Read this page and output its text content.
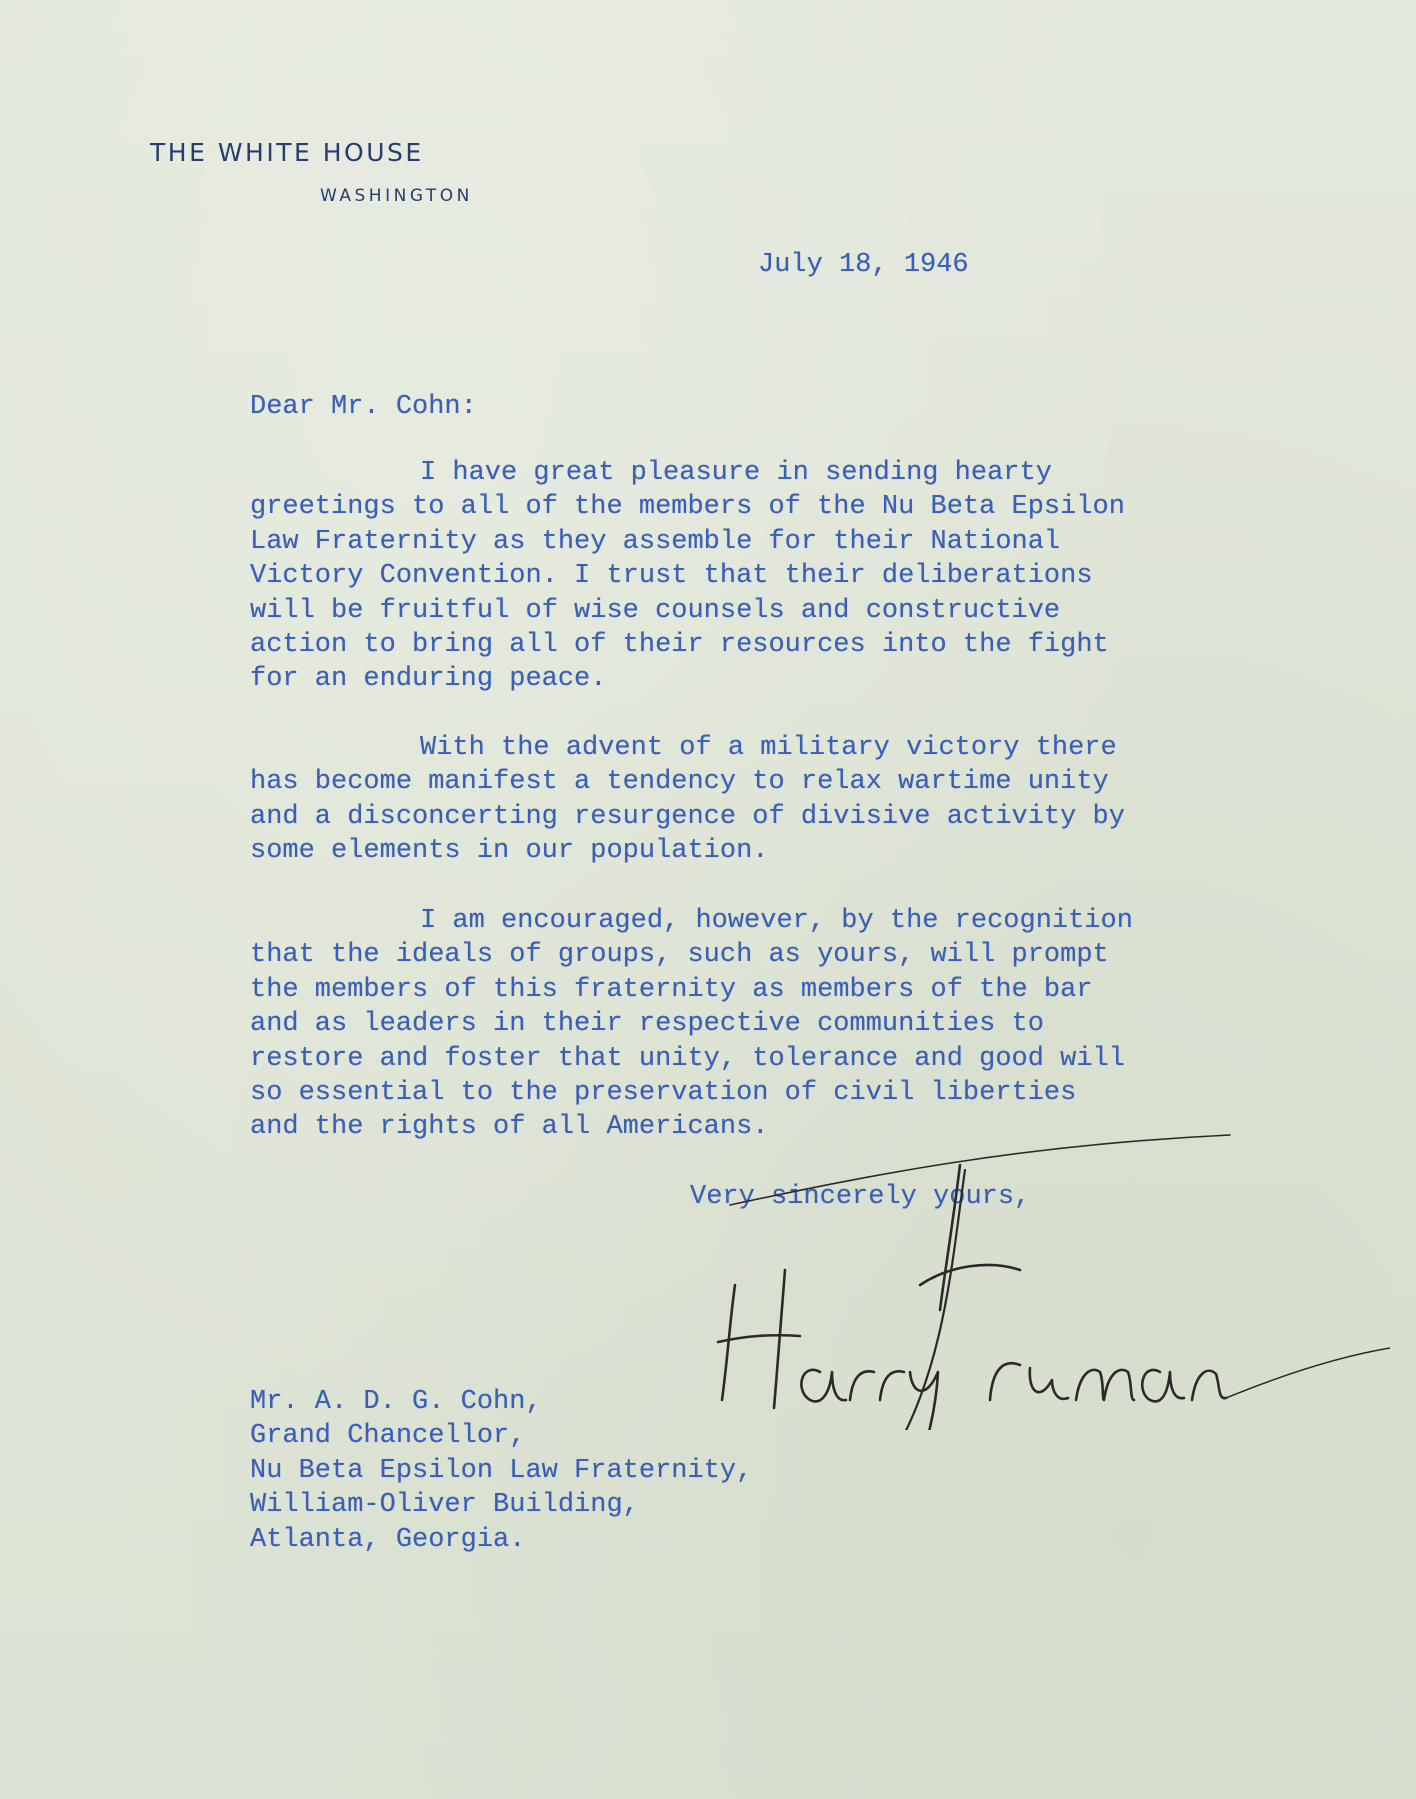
THE WHITE HOUSE
WASHINGTON
July 18, 1946
Dear Mr. Cohn:
I have great pleasure in sending hearty
greetings to all of the members of the Nu Beta Epsilon
Law Fraternity as they assemble for their National
Victory Convention. I trust that their deliberations
will be fruitful of wise counsels and constructive
action to bring all of their resources into the fight
for an enduring peace.
With the advent of a military victory there
has become manifest a tendency to relax wartime unity
and a disconcerting resurgence of divisive activity by
some elements in our population.
I am encouraged, however, by the recognition
that the ideals of groups, such as yours, will prompt
the members of this fraternity as members of the bar
and as leaders in their respective communities to
restore and foster that unity, tolerance and good will
so essential to the preservation of civil liberties
and the rights of all Americans.
Very sincerely yours,
Mr. A. D. G. Cohn,
Grand Chancellor,
Nu Beta Epsilon Law Fraternity,
William-Oliver Building,
Atlanta, Georgia.
